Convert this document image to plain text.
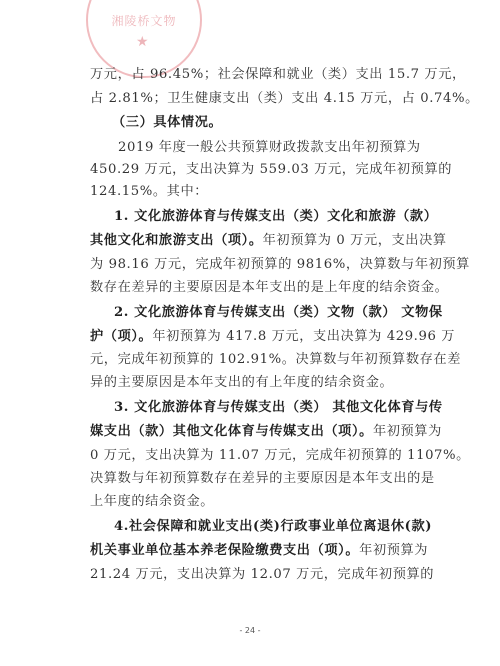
湘陵桥文物
★
万元，占 96.45%；社会保障和就业（类）支出 15.7 万元，
占 2.81%；卫生健康支出（类）支出 4.15 万元，占 0.74%。
（三）具体情况。
2019 年度一般公共预算财政拨款支出年初预算为
450.29 万元，支出决算为 559.03 万元，完成年初预算的
124.15%。其中：
1. 文化旅游体育与传媒支出（类）文化和旅游（款）
其他文化和旅游支出（项）。年初预算为 0 万元，支出决算
为 98.16 万元，完成年初预算的 9816%，决算数与年初预算
数存在差异的主要原因是本年支出的是上年度的结余资金。
2. 文化旅游体育与传媒支出（类）文物（款） 文物保
护（项）。年初预算为 417.8 万元，支出决算为 429.96 万
元，完成年初预算的 102.91%。决算数与年初预算数存在差
异的主要原因是本年支出的有上年度的结余资金。
3. 文化旅游体育与传媒支出（类） 其他文化体育与传
媒支出（款）其他文化体育与传媒支出（项）。年初预算为
0 万元，支出决算为 11.07 万元，完成年初预算的 1107%。
决算数与年初预算数存在差异的主要原因是本年支出的是
上年度的结余资金。
4.社会保障和就业支出(类)行政事业单位离退休(款)
机关事业单位基本养老保险缴费支出（项）。年初预算为
21.24 万元，支出决算为 12.07 万元，完成年初预算的
- 24 -
